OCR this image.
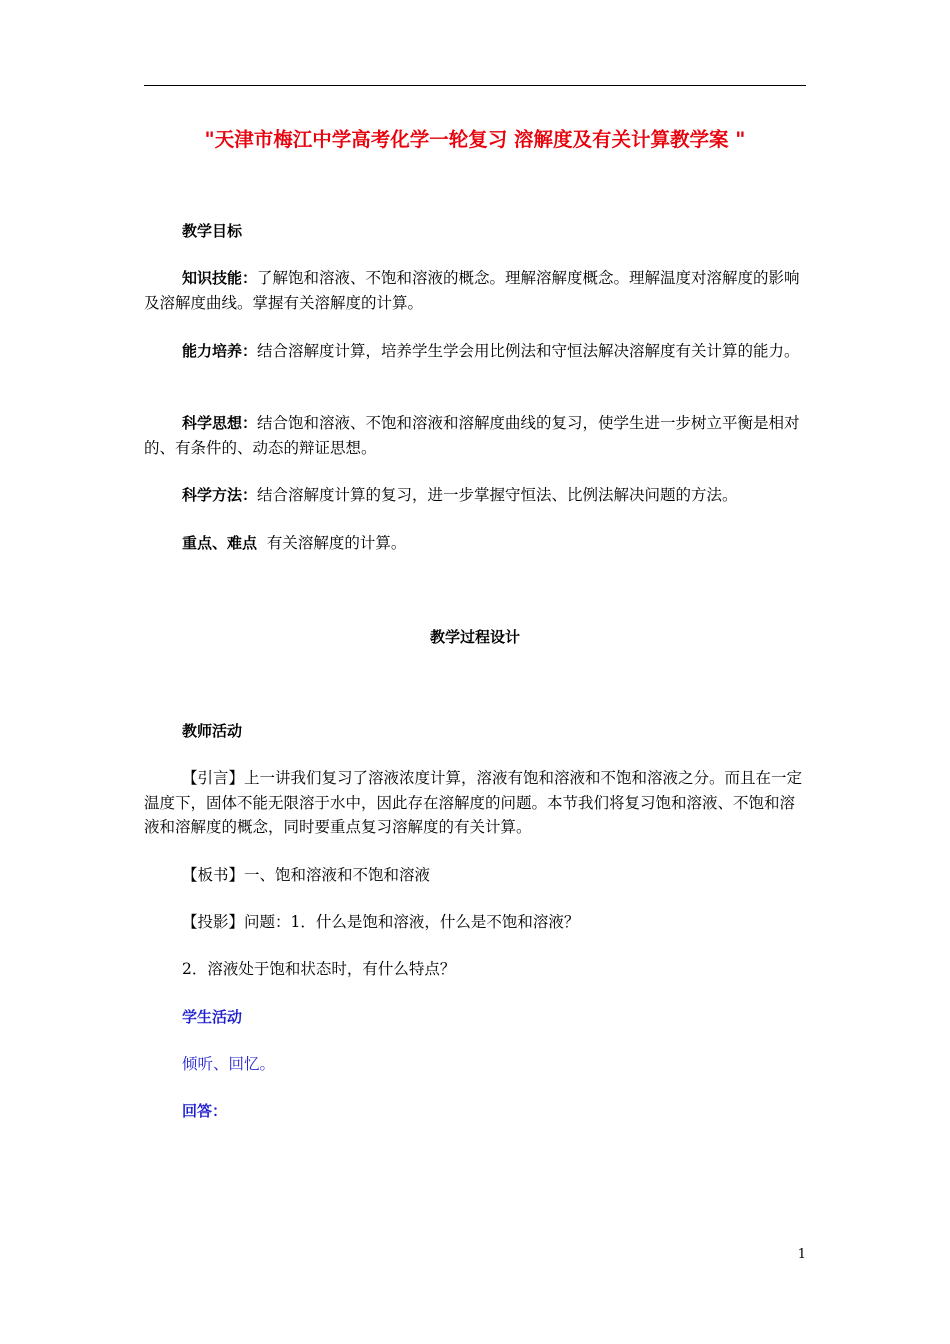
"天津市梅江中学高考化学一轮复习 溶解度及有关计算教学案 "
教学目标
知识技能：了解饱和溶液、不饱和溶液的概念。理解溶解度概念。理解温度对溶解度的影响及溶解度曲线。掌握有关溶解度的计算。
能力培养：结合溶解度计算，培养学生学会用比例法和守恒法解决溶解度有关计算的能力。
科学思想：结合饱和溶液、不饱和溶液和溶解度曲线的复习，使学生进一步树立平衡是相对的、有条件的、动态的辩证思想。
科学方法：结合溶解度计算的复习，进一步掌握守恒法、比例法解决问题的方法。
重点、难点 有关溶解度的计算。
教学过程设计
教师活动
【引言】上一讲我们复习了溶液浓度计算，溶液有饱和溶液和不饱和溶液之分。而且在一定温度下，固体不能无限溶于水中，因此存在溶解度的问题。本节我们将复习饱和溶液、不饱和溶液和溶解度的概念，同时要重点复习溶解度的有关计算。
【板书】一、饱和溶液和不饱和溶液
【投影】问题：1．什么是饱和溶液，什么是不饱和溶液？
2．溶液处于饱和状态时，有什么特点？
学生活动
倾听、回忆。
回答：
1
